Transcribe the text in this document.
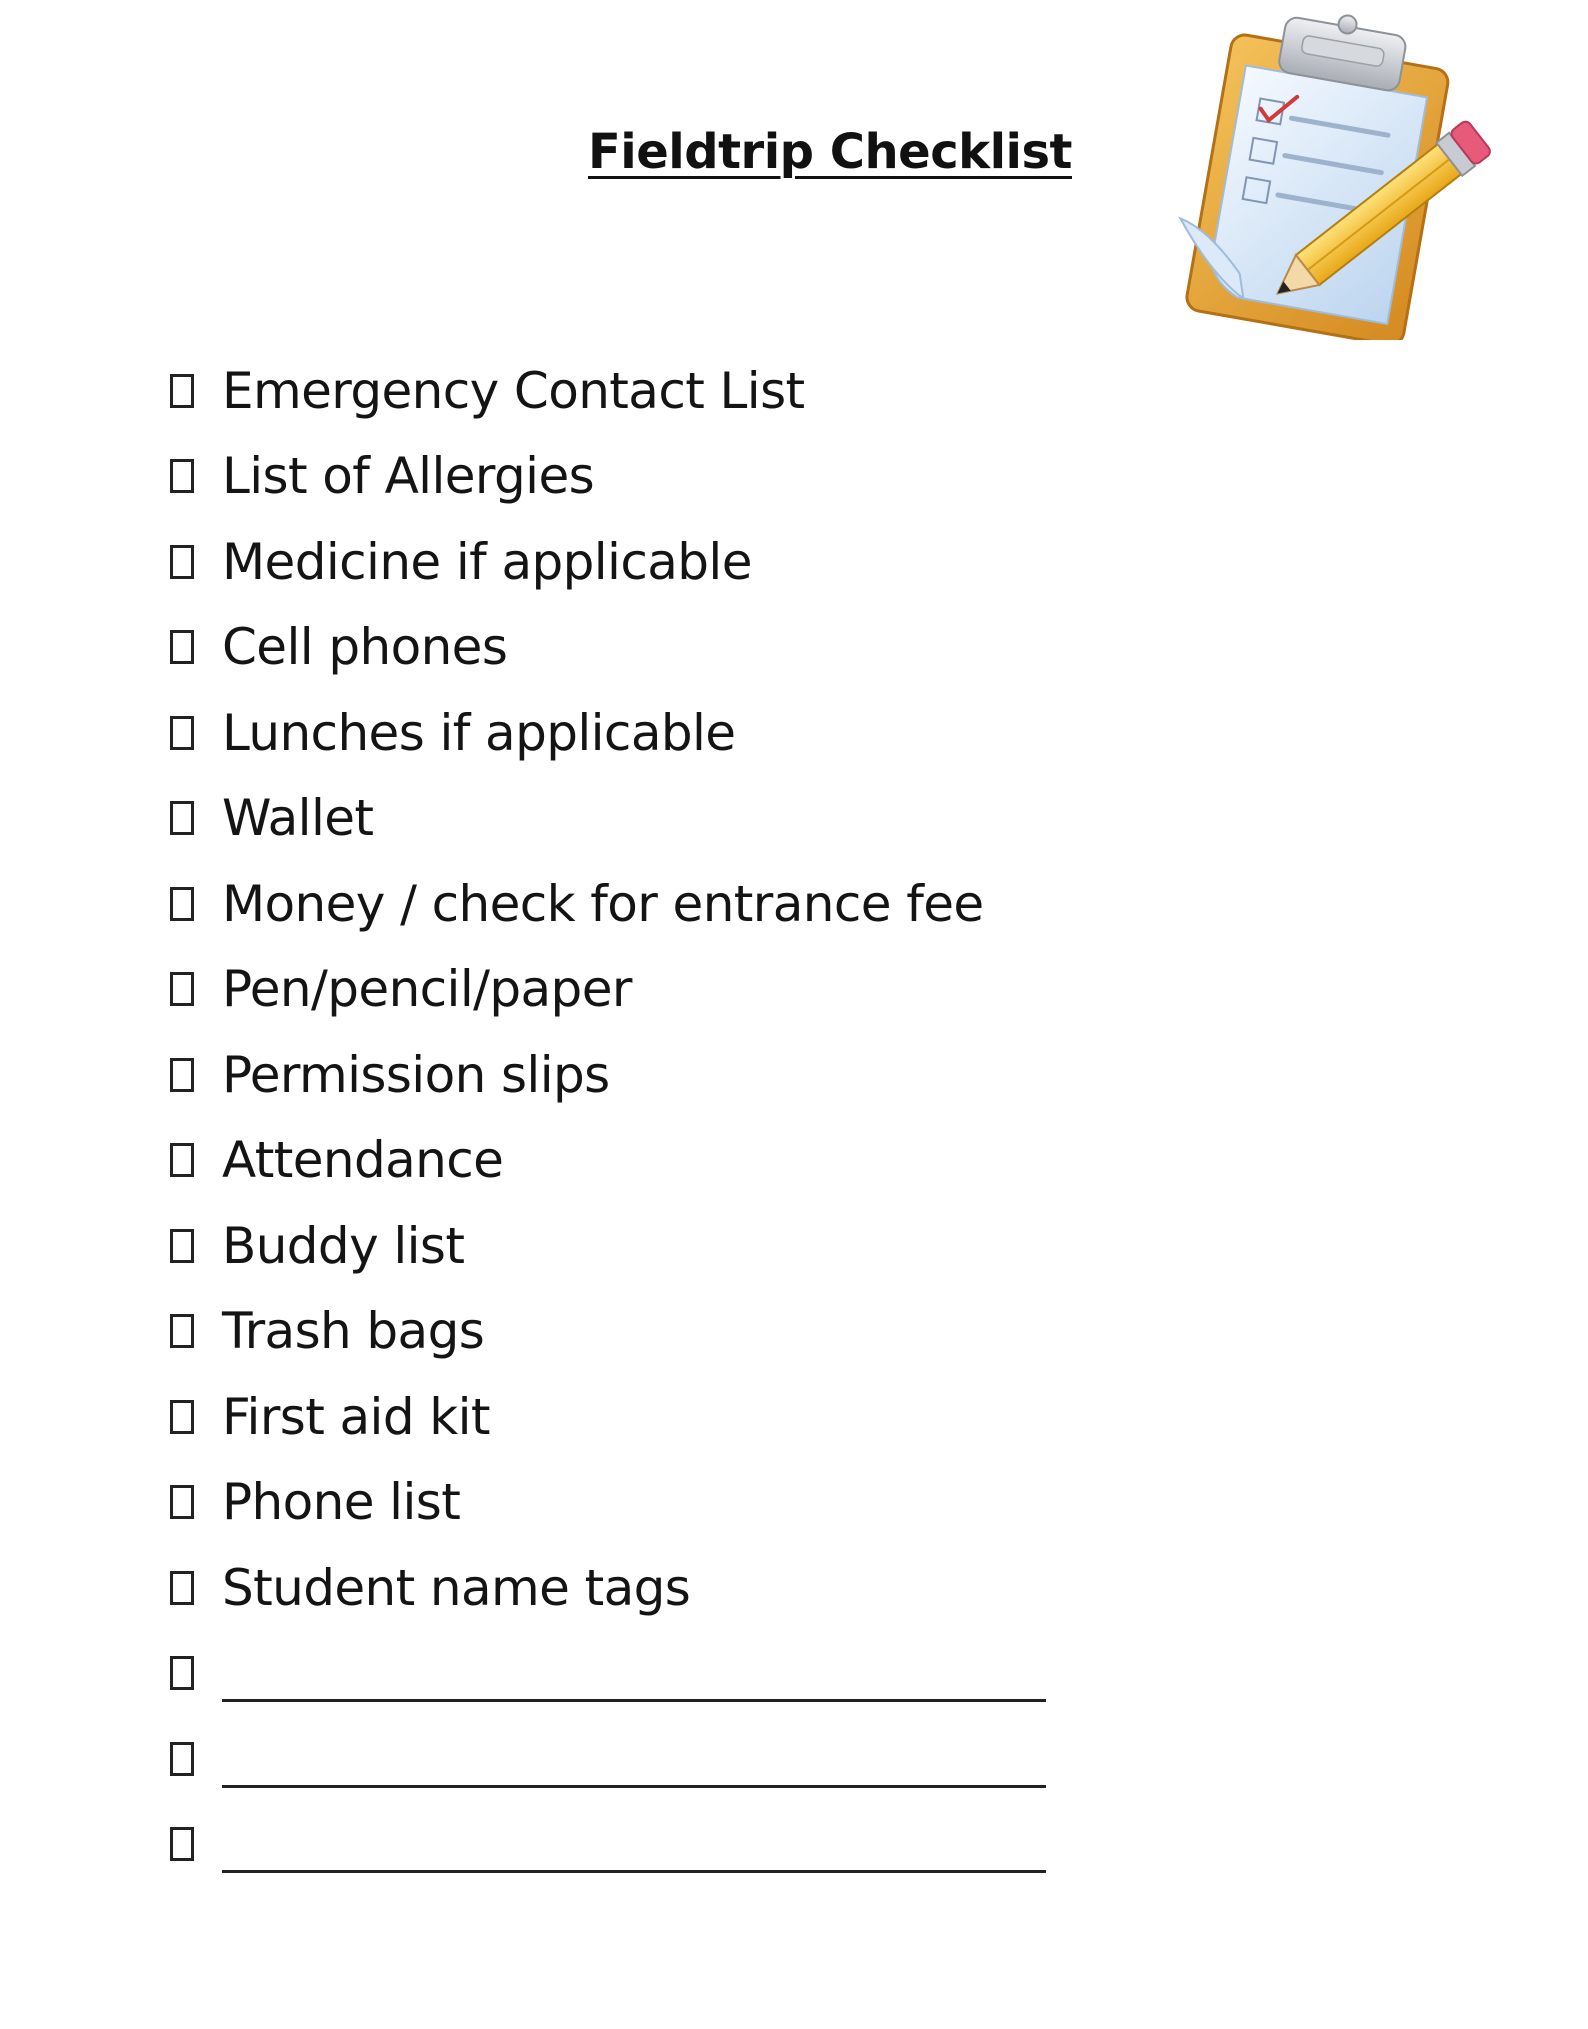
Fieldtrip Checklist
Emergency Contact List
List of Allergies
Medicine if applicable
Cell phones
Lunches if applicable
Wallet
Money / check for entrance fee
Pen/pencil/paper
Permission slips
Attendance
Buddy list
Trash bags
First aid kit
Phone list
Student name tags
